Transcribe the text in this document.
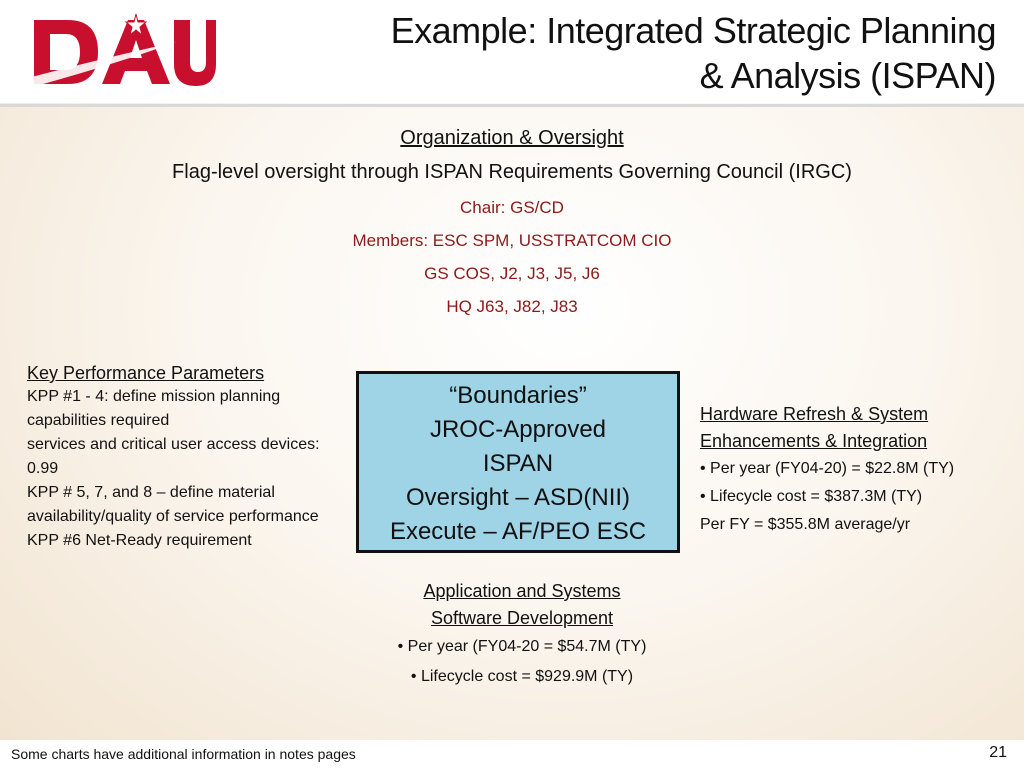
Example: Integrated Strategic Planning
& Analysis (ISPAN)
Organization & Oversight
Flag-level oversight through ISPAN Requirements Governing Council (IRGC)
Chair: GS/CD
Members: ESC SPM, USSTRATCOM CIO
GS COS, J2, J3, J5, J6
HQ J63, J82, J83
Key Performance Parameters
KPP #1 - 4: define mission planning
capabilities required
services and critical user access devices:
0.99
KPP # 5, 7, and 8 – define material
availability/quality of service performance
KPP #6 Net-Ready requirement
“Boundaries”
JROC-Approved
ISPAN
Oversight – ASD(NII)
Execute – AF/PEO ESC
Hardware Refresh & System
Enhancements & Integration
• Per year (FY04-20) = $22.8M (TY)
• Lifecycle cost = $387.3M (TY)
Per FY = $355.8M average/yr
Application and Systems
Software Development
• Per year (FY04-20 = $54.7M (TY)
• Lifecycle cost = $929.9M (TY)
Some charts have additional information in notes pages	21
